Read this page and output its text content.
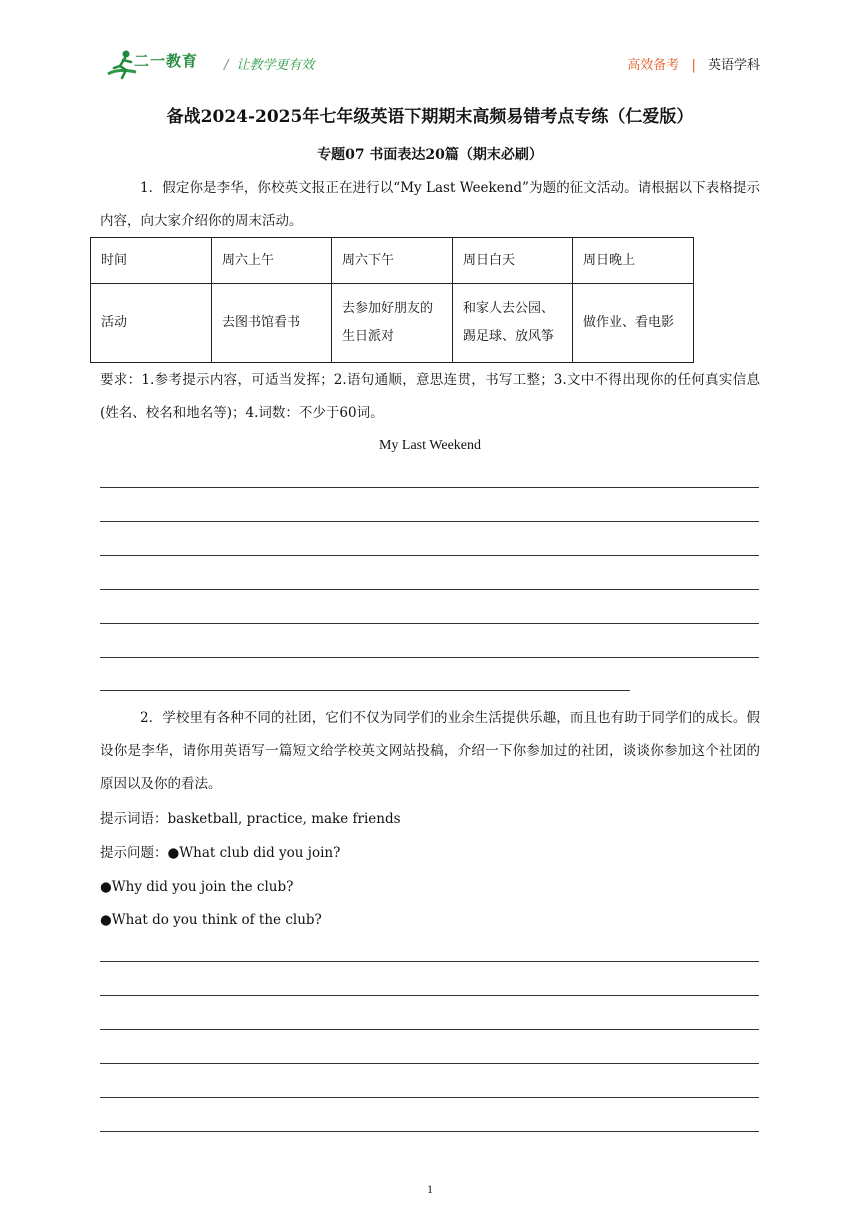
二一教育 / 让教学更有效	高效备考 | 英语学科
备战2024-2025年七年级英语下期期末高频易错考点专练（仁爱版）
专题07 书面表达20篇（期末必刷）

1．假定你是李华，你校英文报正在进行以“My Last Weekend”为题的征文活动。请根据以下表格提示内容，向大家介绍你的周末活动。

时间	周六上午	周六下午	周日白天	周日晚上
活动	去图书馆看书	去参加好朋友的生日派对	和家人去公园、踢足球、放风筝	做作业、看电影

要求：1.参考提示内容，可适当发挥；2.语句通顺，意思连贯，书写工整；3.文中不得出现你的任何真实信息(姓名、校名和地名等)；4.词数：不少于60词。

My Last Weekend

2．学校里有各种不同的社团，它们不仅为同学们的业余生活提供乐趣，而且也有助于同学们的成长。假设你是李华，请你用英语写一篇短文给学校英文网站投稿，介绍一下你参加过的社团，谈谈你参加这个社团的原因以及你的看法。

提示词语：basketball, practice, make friends
提示问题：●What club did you join?
●Why did you join the club?
●What do you think of the club?
1
